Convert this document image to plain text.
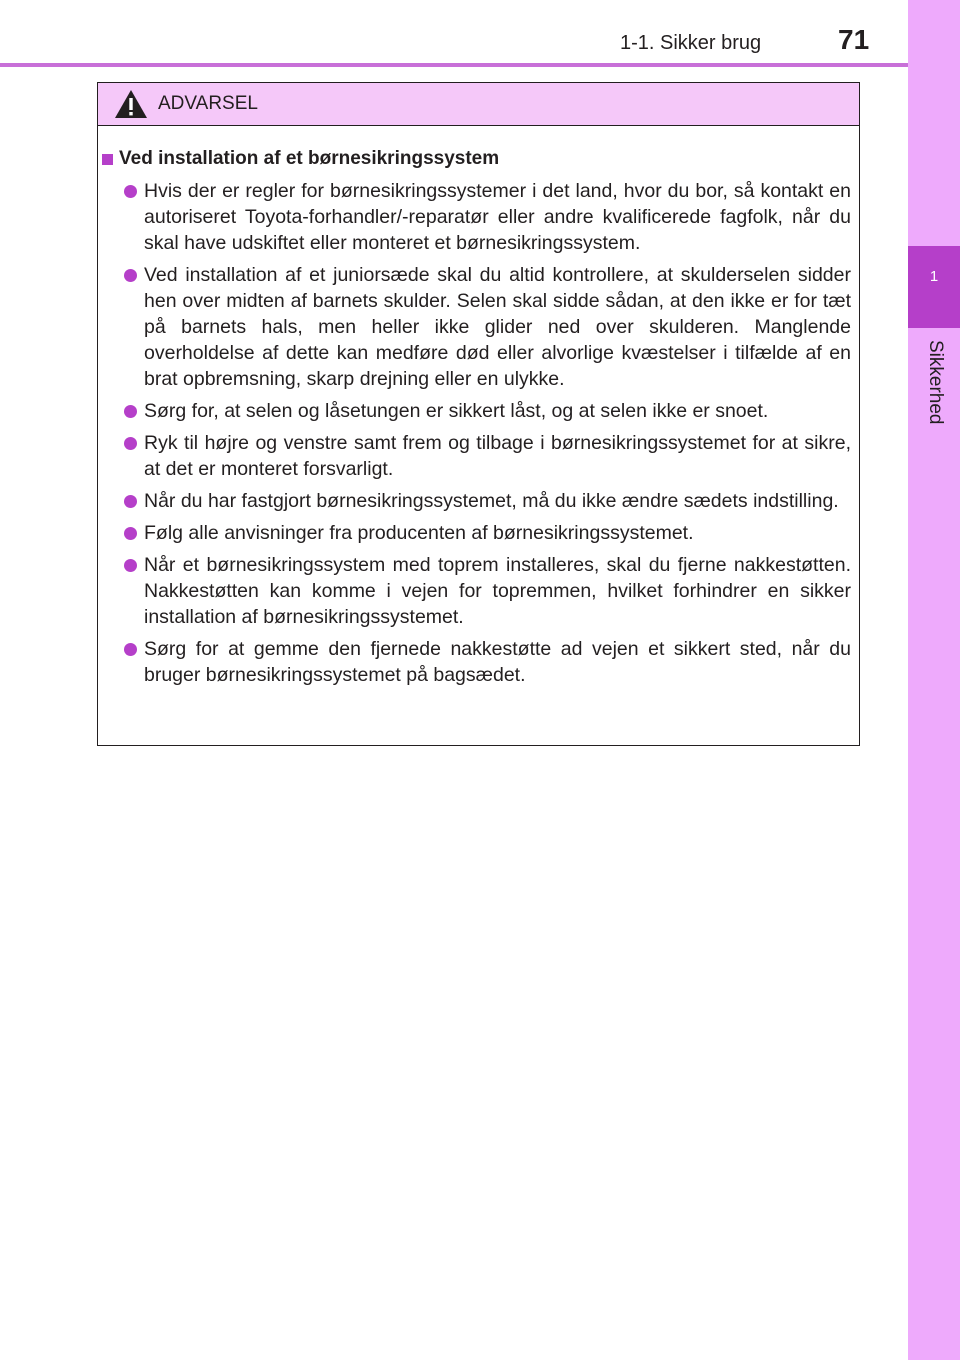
1
Sikkerhed
1-1. Sikker brug	71
ADVARSEL
Ved installation af et børnesikringssystem
Hvis der er regler for børnesikringssystemer i det land, hvor du bor, så kontakt en autoriseret Toyota-forhandler/-reparatør eller andre kvalificerede fagfolk, når du skal have udskiftet eller monteret et børnesikringssystem.
Ved installation af et juniorsæde skal du altid kontrollere, at skulderselen sidder hen over midten af barnets skulder. Selen skal sidde sådan, at den ikke er for tæt på barnets hals, men heller ikke glider ned over skulderen. Manglende overholdelse af dette kan medføre død eller alvorlige kvæstelser i tilfælde af en brat opbremsning, skarp drejning eller en ulykke.
Sørg for, at selen og låsetungen er sikkert låst, og at selen ikke er snoet.
Ryk til højre og venstre samt frem og tilbage i børnesikringssystemet for at sikre, at det er monteret forsvarligt.
Når du har fastgjort børnesikringssystemet, må du ikke ændre sædets indstilling.
Følg alle anvisninger fra producenten af børnesikringssystemet.
Når et børnesikringssystem med toprem installeres, skal du fjerne nakkestøtten. Nakkestøtten kan komme i vejen for topremmen, hvilket forhindrer en sikker installation af børnesikringssystemet.
Sørg for at gemme den fjernede nakkestøtte ad vejen et sikkert sted, når du bruger børnesikringssystemet på bagsædet.
